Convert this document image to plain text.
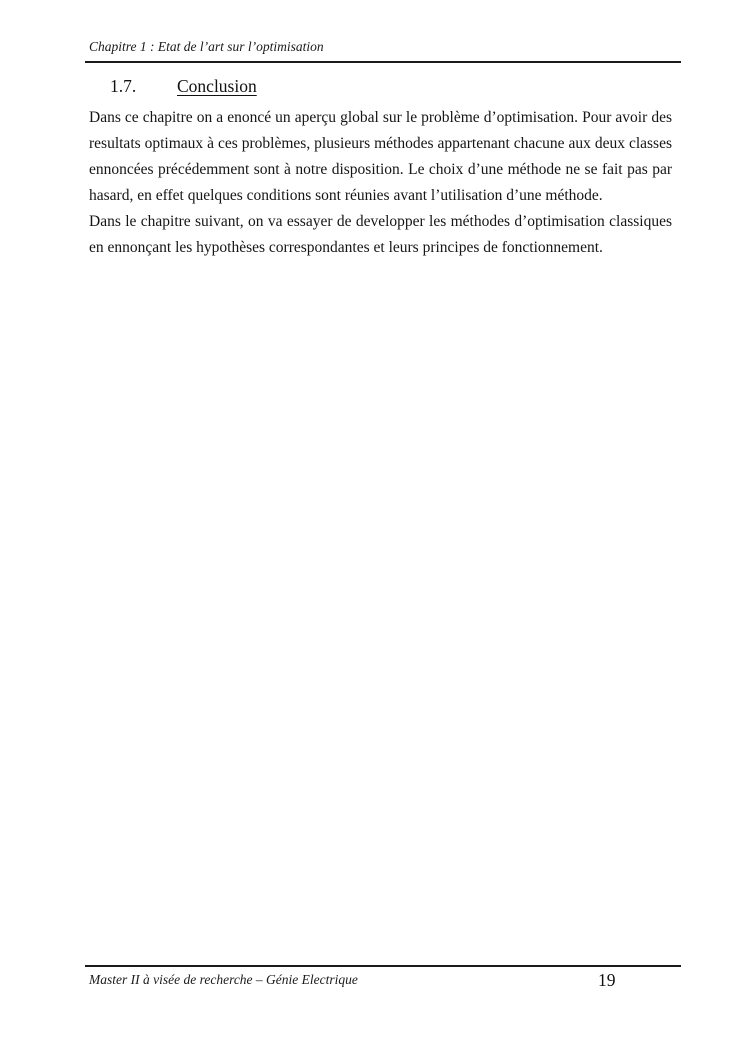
Chapitre 1 : Etat de l’art sur l’optimisation
1.7. Conclusion

Dans ce chapitre on a enoncé un aperçu global sur le problème d’optimisation. Pour avoir des resultats optimaux à ces problèmes, plusieurs méthodes appartenant chacune aux deux classes ennoncées précédemment sont à notre disposition. Le choix d’une méthode ne se fait pas par hasard, en effet quelques conditions sont réunies avant l’utilisation d’une méthode.

Dans le chapitre suivant, on va essayer de developper les méthodes d’optimisation classiques en ennonçant les hypothèses correspondantes et leurs principes de fonctionnement.

Master II à visée de recherche – Génie Electrique	19
